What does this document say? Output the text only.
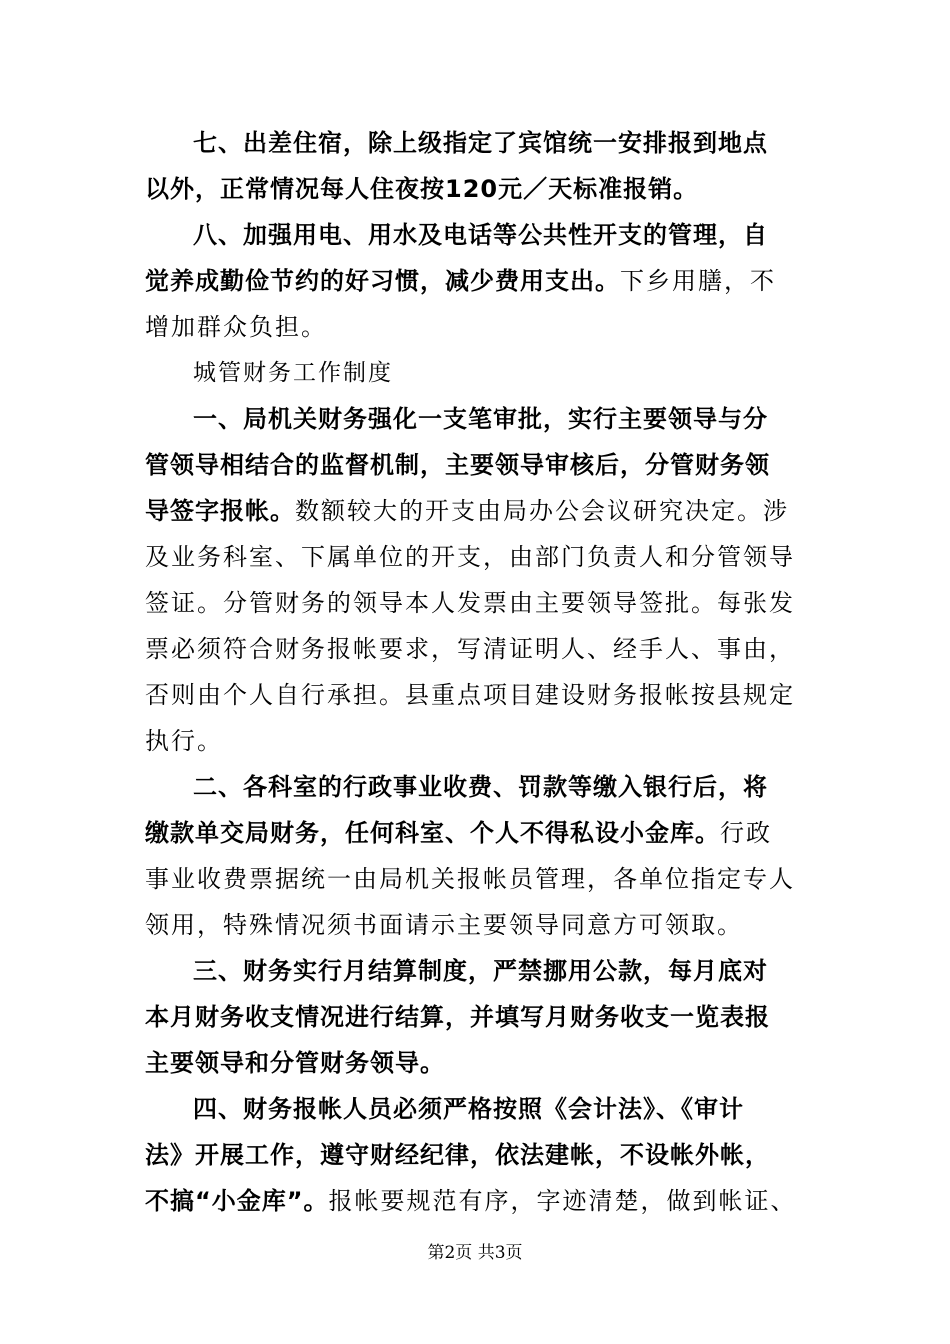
七、出差住宿，除上级指定了宾馆统一安排报到地点
以外，正常情况每人住夜按120元／天标准报销。
八、加强用电、用水及电话等公共性开支的管理，自
觉养成勤俭节约的好习惯，减少费用支出。下乡用膳，不
增加群众负担。
城管财务工作制度
一、局机关财务强化一支笔审批，实行主要领导与分
管领导相结合的监督机制，主要领导审核后，分管财务领
导签字报帐。数额较大的开支由局办公会议研究决定。涉
及业务科室、下属单位的开支，由部门负责人和分管领导
签证。分管财务的领导本人发票由主要领导签批。每张发
票必须符合财务报帐要求，写清证明人、经手人、事由，
否则由个人自行承担。县重点项目建设财务报帐按县规定
执行。
二、各科室的行政事业收费、罚款等缴入银行后，将
缴款单交局财务，任何科室、个人不得私设小金库。行政
事业收费票据统一由局机关报帐员管理，各单位指定专人
领用，特殊情况须书面请示主要领导同意方可领取。
三、财务实行月结算制度，严禁挪用公款，每月底对
本月财务收支情况进行结算，并填写月财务收支一览表报
主要领导和分管财务领导。
四、财务报帐人员必须严格按照《会计法》、《审计
法》开展工作，遵守财经纪律，依法建帐，不设帐外帐，
不搞“小金库”。报帐要规范有序，字迹清楚，做到帐证、
第2页 共3页
